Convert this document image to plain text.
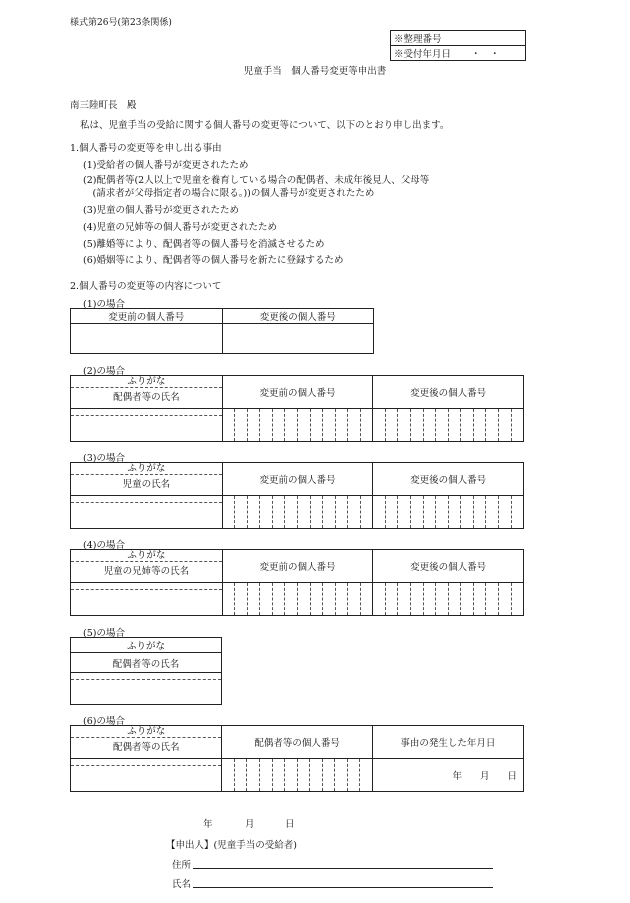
様式第26号(第23条関係)
※整理番号
※受付年月日 ・　・
児童手当　個人番号変更等申出書
南三陸町長　殿
私は、児童手当の受給に関する個人番号の変更等について、以下のとおり申し出ます。
1.個人番号の変更等を申し出る事由
(1)受給者の個人番号が変更されたため
(2)配偶者等(2人以上で児童を養育している場合の配偶者、未成年後見人、父母等
　(請求者が父母指定者の場合に限る。))の個人番号が変更されたため
(3)児童の個人番号が変更されたため
(4)児童の兄姉等の個人番号が変更されたため
(5)離婚等により、配偶者等の個人番号を消滅させるため
(6)婚姻等により、配偶者等の個人番号を新たに登録するため
2.個人番号の変更等の内容について
(1)の場合
変更前の個人番号	変更後の個人番号

(2)の場合
ふりがな
配偶者等の氏名	変更前の個人番号	変更後の個人番号

(3)の場合
ふりがな
児童の氏名	変更前の個人番号	変更後の個人番号

(4)の場合
ふりがな
児童の兄姉等の氏名	変更前の個人番号	変更後の個人番号

(5)の場合
ふりがな
配偶者等の氏名

(6)の場合
ふりがな
配偶者等の氏名	配偶者等の個人番号	事由の発生した年月日

		年 月 日
年	月	日
【申出人】(児童手当の受給者)
住所
氏名
